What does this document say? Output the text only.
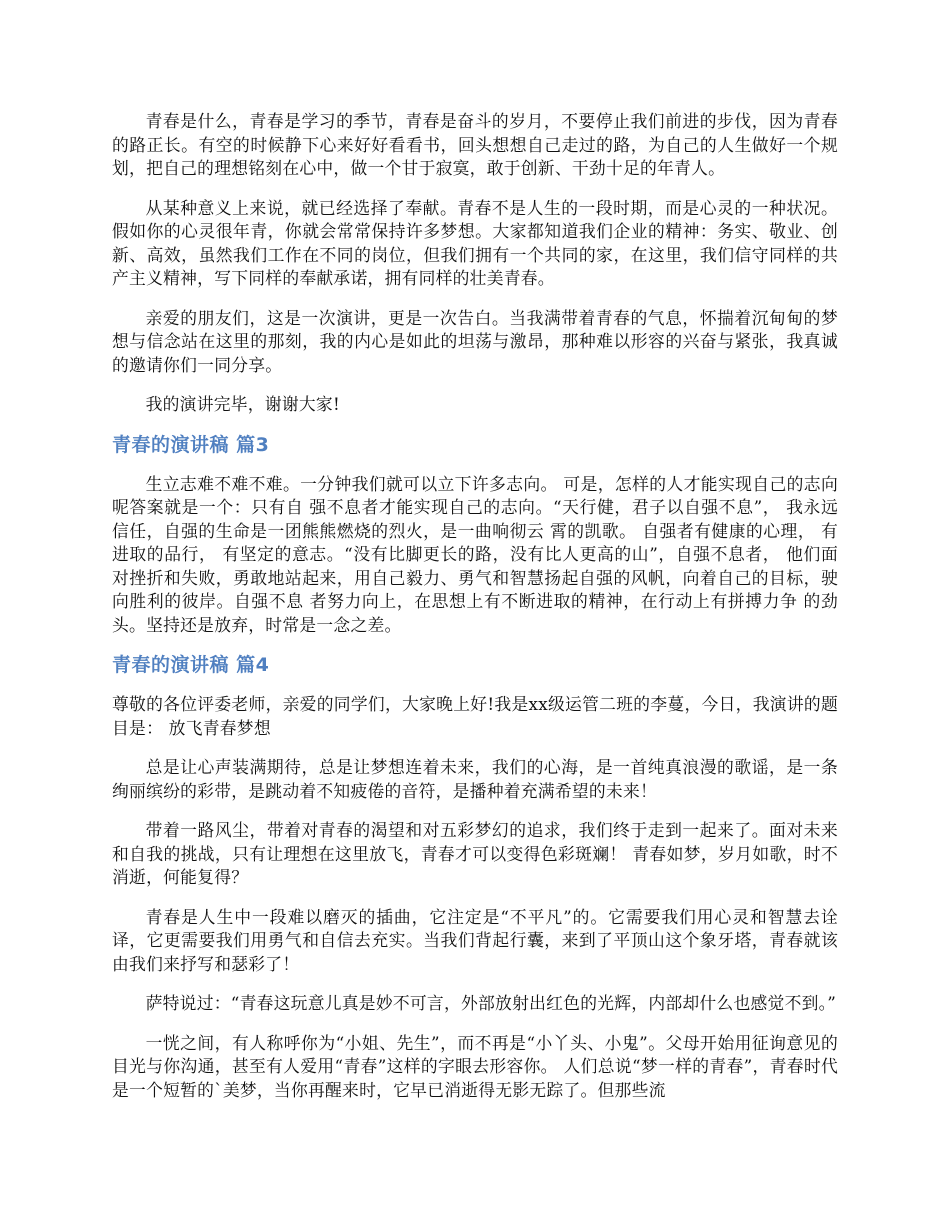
青春是什么，青春是学习的季节，青春是奋斗的岁月，不要停止我们前进的步伐，因为青春的路正长。有空的时候静下心来好好看看书，回头想想自己走过的路，为自己的人生做好一个规划，把自己的理想铭刻在心中，做一个甘于寂寞，敢于创新、干劲十足的年青人。

从某种意义上来说，就已经选择了奉献。青春不是人生的一段时期，而是心灵的一种状况。假如你的心灵很年青，你就会常常保持许多梦想。大家都知道我们企业的精神：务实、敬业、创新、高效，虽然我们工作在不同的岗位，但我们拥有一个共同的家，在这里，我们信守同样的共产主义精神，写下同样的奉献承诺，拥有同样的壮美青春。

亲爱的朋友们，这是一次演讲，更是一次告白。当我满带着青春的气息，怀揣着沉甸甸的梦想与信念站在这里的那刻，我的内心是如此的坦荡与激昂，那种难以形容的兴奋与紧张，我真诚的邀请你们一同分享。

我的演讲完毕，谢谢大家!

青春的演讲稿 篇3

生立志难不难不难。一分钟我们就可以立下许多志向。 可是，怎样的人才能实现自己的志向呢答案就是一个：只有自 强不息者才能实现自己的志向。“天行健，君子以自强不息”， 我永远信任，自强的生命是一团熊熊燃烧的烈火，是一曲响彻云 霄的凯歌。 自强者有健康的心理， 有进取的品行， 有坚定的意志。“没有比脚更长的路，没有比人更高的山”，自强不息者， 他们面对挫折和失败，勇敢地站起来，用自己毅力、勇气和智慧扬起自强的风帆，向着自己的目标，驶向胜利的彼岸。自强不息 者努力向上，在思想上有不断进取的精神，在行动上有拼搏力争 的劲头。坚持还是放弃，时常是一念之差。

青春的演讲稿 篇4

尊敬的各位评委老师，亲爱的同学们，大家晚上好!我是xx级运管二班的李蔓，今日，我演讲的题目是： 放飞青春梦想

总是让心声装满期待，总是让梦想连着未来，我们的心海，是一首纯真浪漫的歌谣，是一条绚丽缤纷的彩带，是跳动着不知疲倦的音符，是播种着充满希望的未来！

带着一路风尘，带着对青春的渴望和对五彩梦幻的追求，我们终于走到一起来了。面对未来和自我的挑战，只有让理想在这里放飞，青春才可以变得色彩斑斓！ 青春如梦，岁月如歌，时不消逝，何能复得？

青春是人生中一段难以磨灭的插曲，它注定是“不平凡”的。它需要我们用心灵和智慧去诠译，它更需要我们用勇气和自信去充实。当我们背起行囊，来到了平顶山这个象牙塔，青春就该由我们来抒写和瑟彩了！

萨特说过：“青春这玩意儿真是妙不可言，外部放射出红色的光辉，内部却什么也感觉不到。”

一恍之间，有人称呼你为“小姐、先生”，而不再是“小丫头、小鬼”。父母开始用征询意见的目光与你沟通，甚至有人爱用“青春”这样的字眼去形容你。 人们总说“梦一样的青春”，青春时代是一个短暂的`美梦，当你再醒来时，它早已消逝得无影无踪了。但那些流
